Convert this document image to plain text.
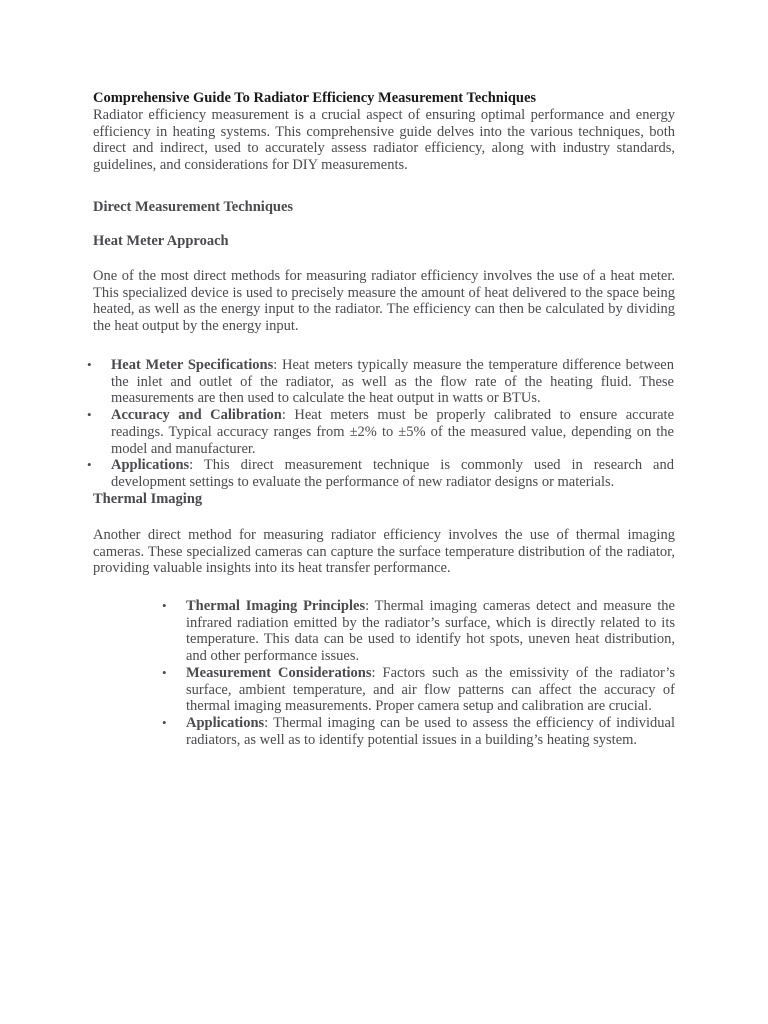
Comprehensive Guide To Radiator Efficiency Measurement Techniques

Radiator efficiency measurement is a crucial aspect of ensuring optimal performance and energy efficiency in heating systems. This comprehensive guide delves into the various techniques, both direct and indirect, used to accurately assess radiator efficiency, along with industry standards, guidelines, and considerations for DIY measurements.

Direct Measurement Techniques

Heat Meter Approach

One of the most direct methods for measuring radiator efficiency involves the use of a heat meter. This specialized device is used to precisely measure the amount of heat delivered to the space being heated, as well as the energy input to the radiator. The efficiency can then be calculated by dividing the heat output by the energy input.

• Heat Meter Specifications: Heat meters typically measure the temperature difference between the inlet and outlet of the radiator, as well as the flow rate of the heating fluid. These measurements are then used to calculate the heat output in watts or BTUs.
• Accuracy and Calibration: Heat meters must be properly calibrated to ensure accurate readings. Typical accuracy ranges from ±2% to ±5% of the measured value, depending on the model and manufacturer.
• Applications: This direct measurement technique is commonly used in research and development settings to evaluate the performance of new radiator designs or materials.

Thermal Imaging

Another direct method for measuring radiator efficiency involves the use of thermal imaging cameras. These specialized cameras can capture the surface temperature distribution of the radiator, providing valuable insights into its heat transfer performance.

• Thermal Imaging Principles: Thermal imaging cameras detect and measure the infrared radiation emitted by the radiator’s surface, which is directly related to its temperature. This data can be used to identify hot spots, uneven heat distribution, and other performance issues.
• Measurement Considerations: Factors such as the emissivity of the radiator’s surface, ambient temperature, and air flow patterns can affect the accuracy of thermal imaging measurements. Proper camera setup and calibration are crucial.
• Applications: Thermal imaging can be used to assess the efficiency of individual radiators, as well as to identify potential issues in a building’s heating system.
